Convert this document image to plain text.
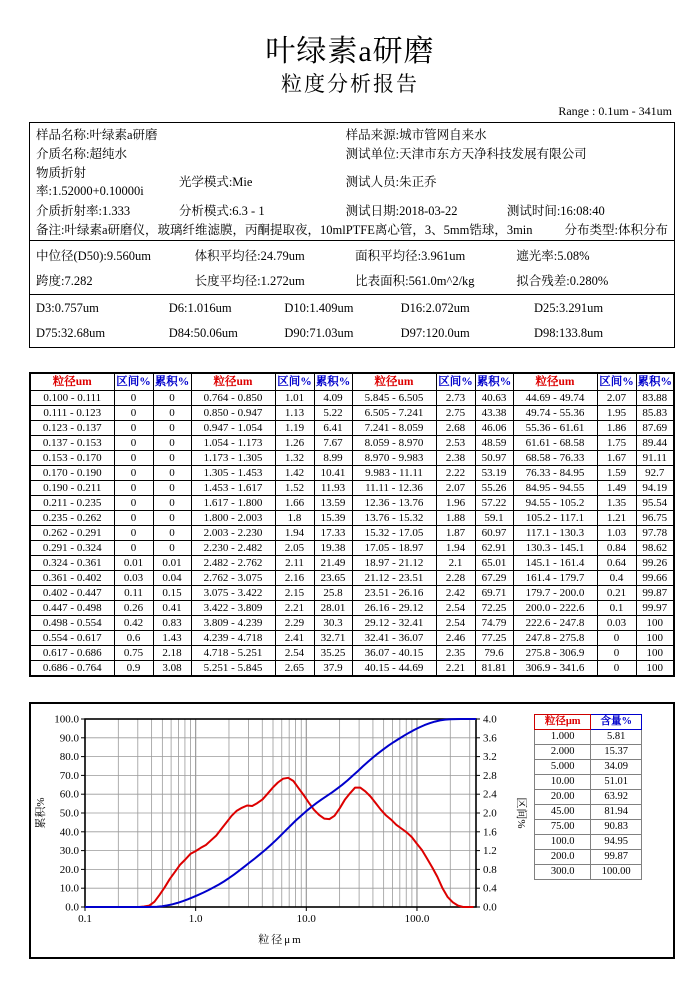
叶绿素a研磨
粒度分析报告
Range : 0.1um - 341um
样品名称:叶绿素a研磨	样品来源:城市管网自来水
介质名称:超纯水	测试单位:天津市东方天净科技发展有限公司
物质折射率:1.52000+0.10000i
光学模式:Mie	测试人员:朱正乔
介质折射率:1.333	分析模式:6.3 - 1	测试日期:2018-03-22	测试时间:16:08:40
备注:叶绿素a研磨仪，玻璃纤维滤膜，丙酮提取夜，10mlPTFE离心管，3、5mm锆球，3min	分布类型:体积分布
中位径(D50):9.560um	体积平均径:24.79um	面积平均径:3.961um	遮光率:5.08%
跨度:7.282	长度平均径:1.272um	比表面积:561.0m^2/kg	拟合残差:0.280%
D3:0.757um	D6:1.016um	D10:1.409um	D16:2.072um	D25:3.291um
D75:32.68um	D84:50.06um	D90:71.03um	D97:120.0um	D98:133.8um
粒径um	区间%	累积%	粒径um	区间%	累积%	粒径um	区间%	累积%	粒径um	区间%	累积%
0.100 - 0.111	0	0	0.764 - 0.850	1.01	4.09	5.845 - 6.505	2.73	40.63	44.69 - 49.74	2.07	83.88
0.111 - 0.123	0	0	0.850 - 0.947	1.13	5.22	6.505 - 7.241	2.75	43.38	49.74 - 55.36	1.95	85.83
0.123 - 0.137	0	0	0.947 - 1.054	1.19	6.41	7.241 - 8.059	2.68	46.06	55.36 - 61.61	1.86	87.69
0.137 - 0.153	0	0	1.054 - 1.173	1.26	7.67	8.059 - 8.970	2.53	48.59	61.61 - 68.58	1.75	89.44
0.153 - 0.170	0	0	1.173 - 1.305	1.32	8.99	8.970 - 9.983	2.38	50.97	68.58 - 76.33	1.67	91.11
0.170 - 0.190	0	0	1.305 - 1.453	1.42	10.41	9.983 - 11.11	2.22	53.19	76.33 - 84.95	1.59	92.7
0.190 - 0.211	0	0	1.453 - 1.617	1.52	11.93	11.11 - 12.36	2.07	55.26	84.95 - 94.55	1.49	94.19
0.211 - 0.235	0	0	1.617 - 1.800	1.66	13.59	12.36 - 13.76	1.96	57.22	94.55 - 105.2	1.35	95.54
0.235 - 0.262	0	0	1.800 - 2.003	1.8	15.39	13.76 - 15.32	1.88	59.1	105.2 - 117.1	1.21	96.75
0.262 - 0.291	0	0	2.003 - 2.230	1.94	17.33	15.32 - 17.05	1.87	60.97	117.1 - 130.3	1.03	97.78
0.291 - 0.324	0	0	2.230 - 2.482	2.05	19.38	17.05 - 18.97	1.94	62.91	130.3 - 145.1	0.84	98.62
0.324 - 0.361	0.01	0.01	2.482 - 2.762	2.11	21.49	18.97 - 21.12	2.1	65.01	145.1 - 161.4	0.64	99.26
0.361 - 0.402	0.03	0.04	2.762 - 3.075	2.16	23.65	21.12 - 23.51	2.28	67.29	161.4 - 179.7	0.4	99.66
0.402 - 0.447	0.11	0.15	3.075 - 3.422	2.15	25.8	23.51 - 26.16	2.42	69.71	179.7 - 200.0	0.21	99.87
0.447 - 0.498	0.26	0.41	3.422 - 3.809	2.21	28.01	26.16 - 29.12	2.54	72.25	200.0 - 222.6	0.1	99.97
0.498 - 0.554	0.42	0.83	3.809 - 4.239	2.29	30.3	29.12 - 32.41	2.54	74.79	222.6 - 247.8	0.03	100
0.554 - 0.617	0.6	1.43	4.239 - 4.718	2.41	32.71	32.41 - 36.07	2.46	77.25	247.8 - 275.8	0	100
0.617 - 0.686	0.75	2.18	4.718 - 5.251	2.54	35.25	36.07 - 40.15	2.35	79.6	275.8 - 306.9	0	100
0.686 - 0.764	0.9	3.08	5.251 - 5.845	2.65	37.9	40.15 - 44.69	2.21	81.81	306.9 - 341.6	0	100
0.0
10.0
20.0
30.0
40.0
50.0
60.0
70.0
80.0
90.0
100.0
0.0
0.4
0.8
1.2
1.6
2.0
2.4
2.8
3.2
3.6
4.0
0.1	1.0	10.0	100.0
累积%	区间%
粒径μm
粒径μm	含量%
1.000	5.81
2.000	15.37
5.000	34.09
10.00	51.01
20.00	63.92
45.00	81.94
75.00	90.83
100.0	94.95
200.0	99.87
300.0	100.00
